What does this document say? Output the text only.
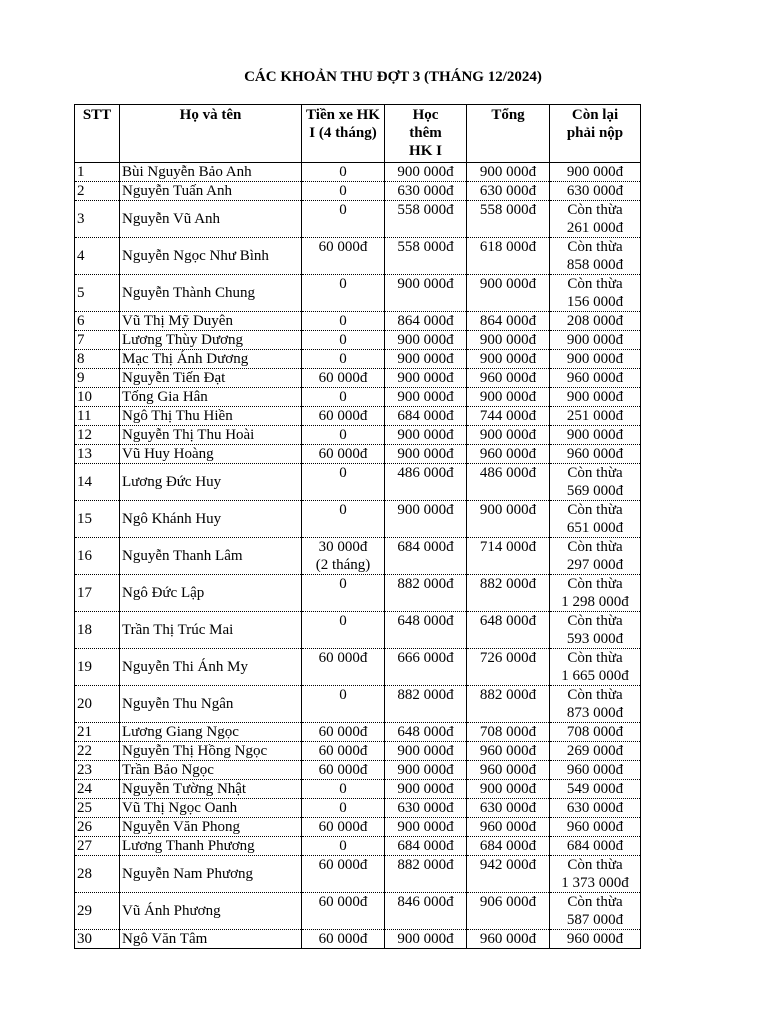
CÁC KHOẢN THU ĐỢT 3 (THÁNG 12/2024)
STT	Họ và tên	Tiền xe HK I (4 tháng)	Học thêm HK I	Tổng	Còn lại phải nộp
1	Bùi Nguyễn Bảo Anh	0	900 000đ	900 000đ	900 000đ

2	Nguyễn Tuấn Anh	0	630 000đ	630 000đ	630 000đ

3	Nguyễn Vũ Anh	0	558 000đ	558 000đ	Còn thừa
261 000đ

4	Nguyễn Ngọc Như Bình	60 000đ	558 000đ	618 000đ	Còn thừa
858 000đ

5	Nguyễn Thành Chung	0	900 000đ	900 000đ	Còn thừa
156 000đ

6	Vũ Thị Mỹ Duyên	0	864 000đ	864 000đ	208 000đ

7	Lương Thùy Dương	0	900 000đ	900 000đ	900 000đ

8	Mạc Thị Ánh Dương	0	900 000đ	900 000đ	900 000đ

9	Nguyễn Tiến Đạt	60 000đ	900 000đ	960 000đ	960 000đ

10	Tống Gia Hân	0	900 000đ	900 000đ	900 000đ

11	Ngô Thị Thu Hiền	60 000đ	684 000đ	744 000đ	251 000đ

12	Nguyễn Thị Thu Hoài	0	900 000đ	900 000đ	900 000đ

13	Vũ Huy Hoàng	60 000đ	900 000đ	960 000đ	960 000đ

14	Lương Đức Huy	0	486 000đ	486 000đ	Còn thừa
569 000đ

15	Ngô Khánh Huy	0	900 000đ	900 000đ	Còn thừa
651 000đ

16	Nguyễn Thanh Lâm	30 000đ
(2 tháng)	684 000đ	714 000đ	Còn thừa
297 000đ

17	Ngô Đức Lập	0	882 000đ	882 000đ	Còn thừa
1 298 000đ

18	Trần Thị Trúc Mai	0	648 000đ	648 000đ	Còn thừa
593 000đ

19	Nguyễn Thi Ánh My	60 000đ	666 000đ	726 000đ	Còn thừa
1 665 000đ

20	Nguyễn Thu Ngân	0	882 000đ	882 000đ	Còn thừa
873 000đ

21	Lương Giang Ngọc	60 000đ	648 000đ	708 000đ	708 000đ

22	Nguyễn Thị Hồng Ngọc	60 000đ	900 000đ	960 000đ	269 000đ

23	Trần Bảo Ngọc	60 000đ	900 000đ	960 000đ	960 000đ

24	Nguyễn Tường Nhật	0	900 000đ	900 000đ	549 000đ

25	Vũ Thị Ngọc Oanh	0	630 000đ	630 000đ	630 000đ

26	Nguyễn Văn Phong	60 000đ	900 000đ	960 000đ	960 000đ

27	Lương Thanh Phương	0	684 000đ	684 000đ	684 000đ

28	Nguyễn Nam Phương	60 000đ	882 000đ	942 000đ	Còn thừa
1 373 000đ

29	Vũ Ánh Phương	60 000đ	846 000đ	906 000đ	Còn thừa
587 000đ

30	Ngô Văn Tâm	60 000đ	900 000đ	960 000đ	960 000đ
